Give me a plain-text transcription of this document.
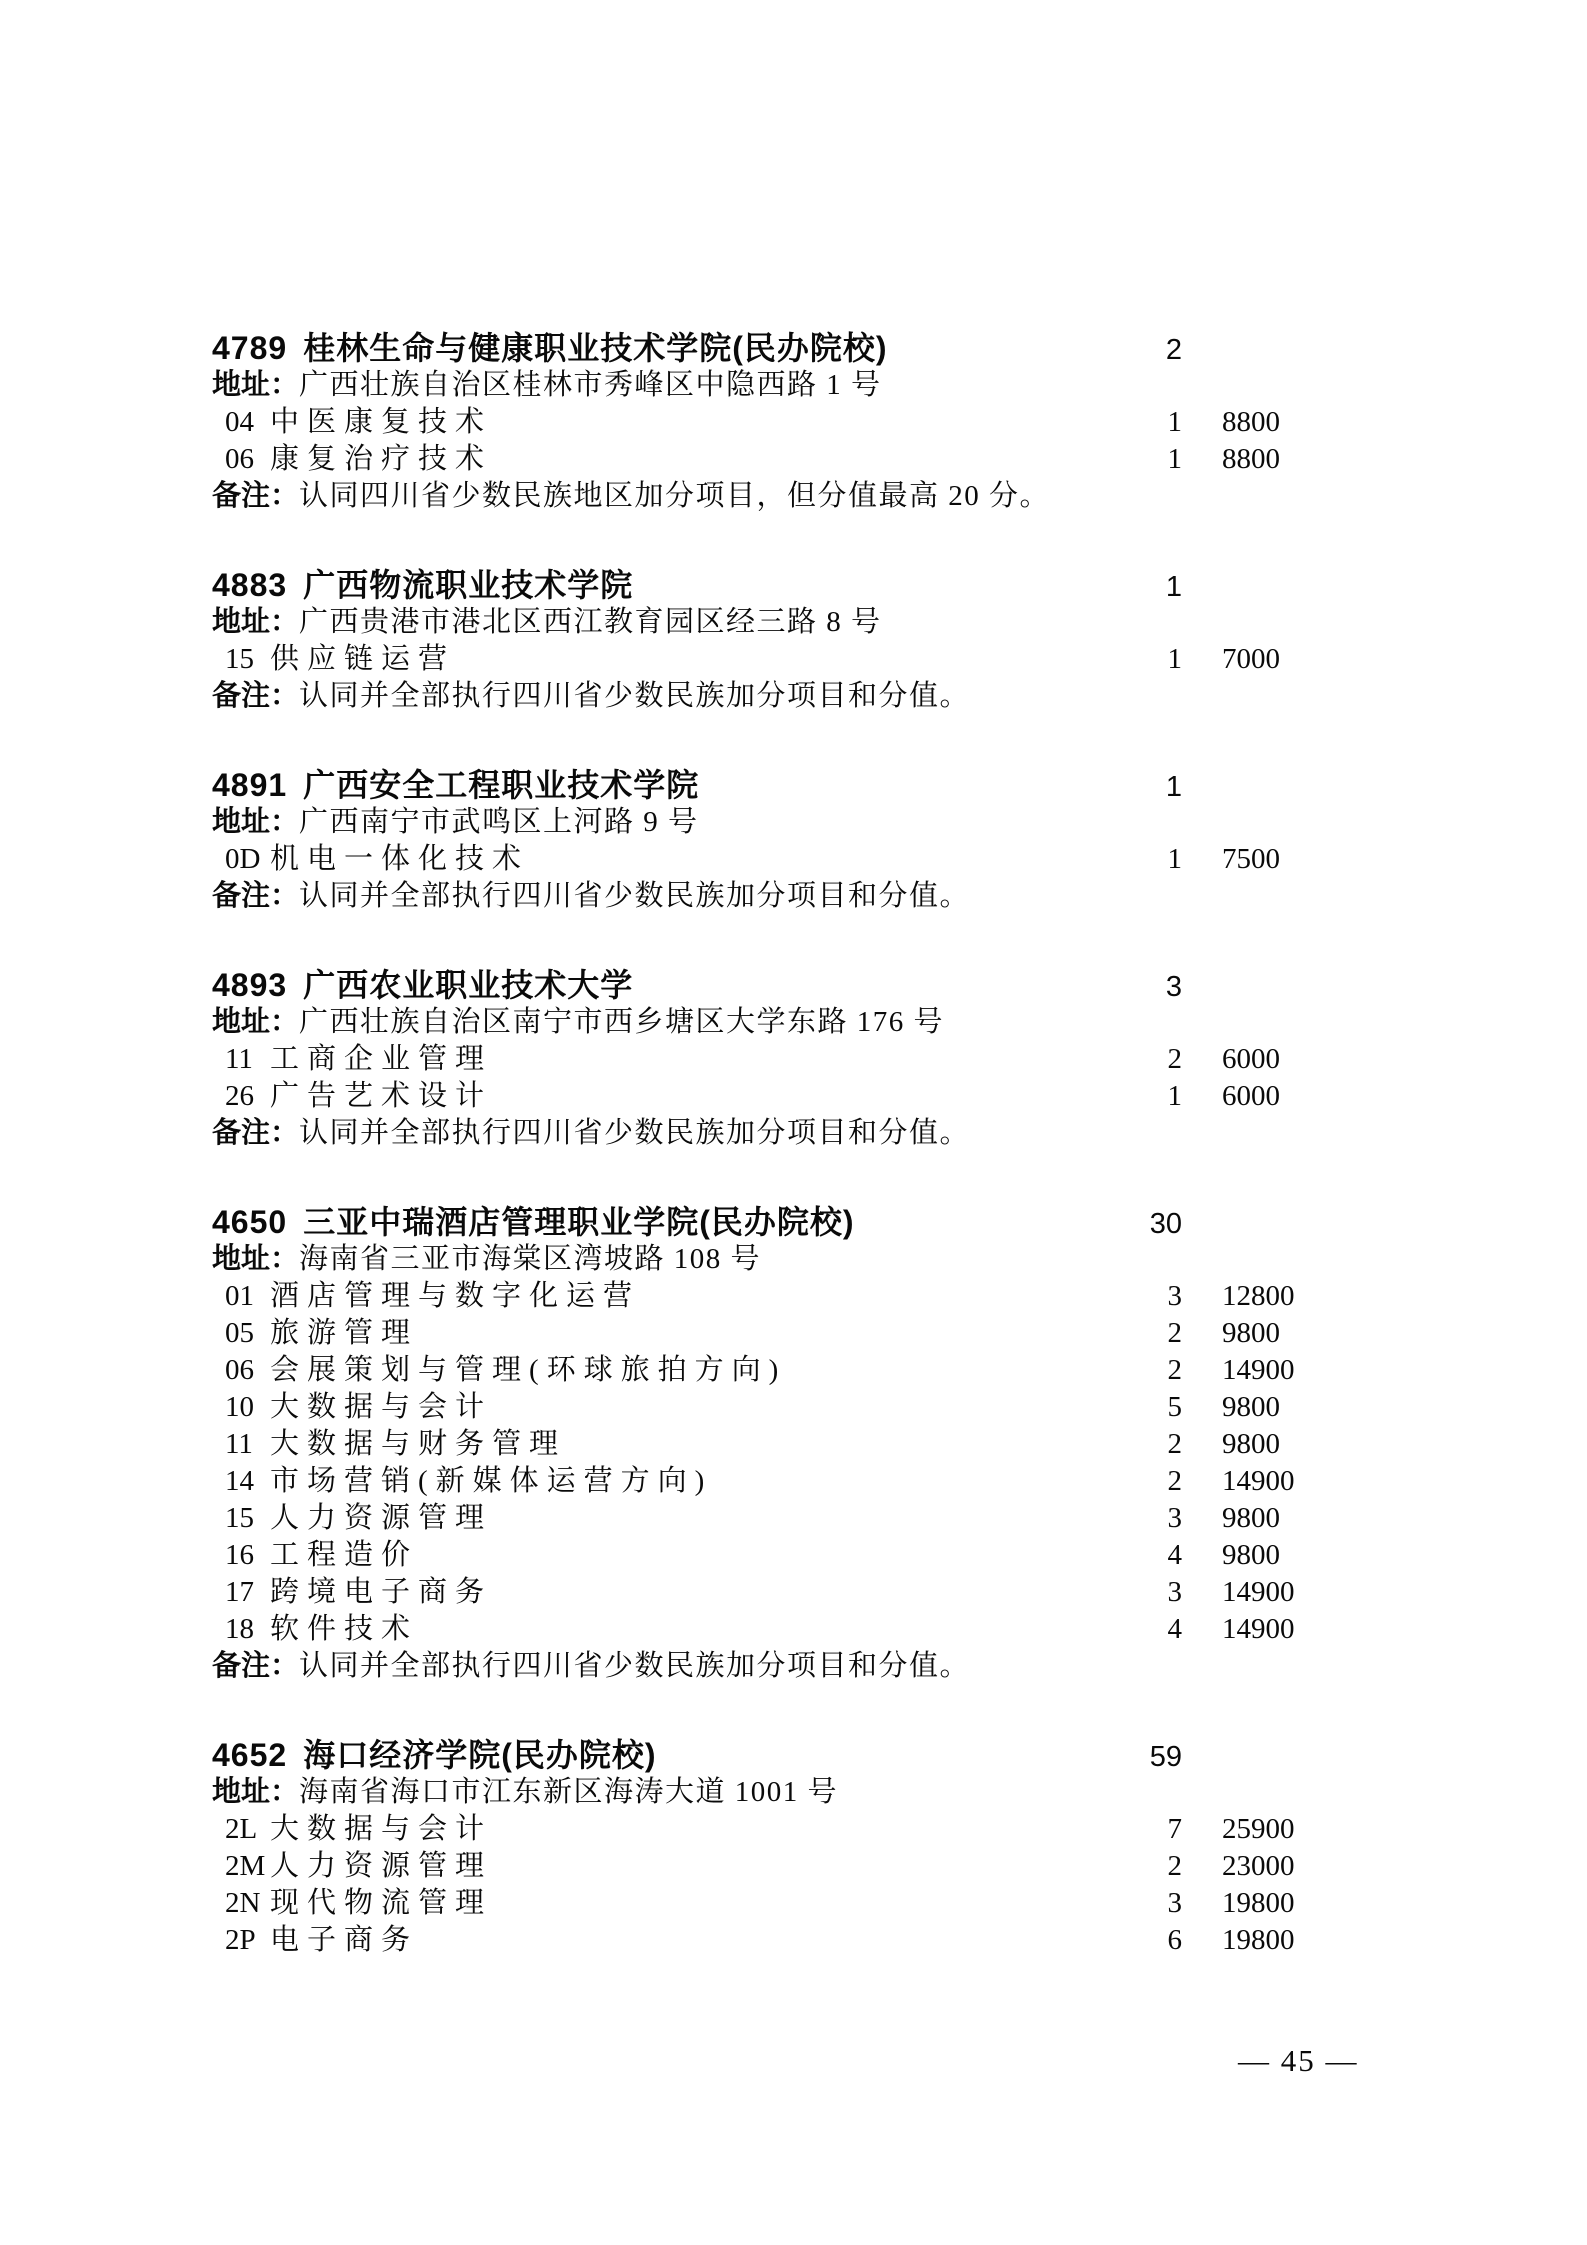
4789 桂林生命与健康职业技术学院(民办院校)	2
地址：广西壮族自治区桂林市秀峰区中隐西路 1 号
04 中医康复技术	1 8800
06 康复治疗技术	1 8800
备注：认同四川省少数民族地区加分项目，但分值最高 20 分。
4883 广西物流职业技术学院	1
地址：广西贵港市港北区西江教育园区经三路 8 号
15 供应链运营	1 7000
备注：认同并全部执行四川省少数民族加分项目和分值。
4891 广西安全工程职业技术学院	1
地址：广西南宁市武鸣区上河路 9 号
0D 机电一体化技术	1 7500
备注：认同并全部执行四川省少数民族加分项目和分值。
4893 广西农业职业技术大学	3
地址：广西壮族自治区南宁市西乡塘区大学东路 176 号
11 工商企业管理	2 6000
26 广告艺术设计	1 6000
备注：认同并全部执行四川省少数民族加分项目和分值。
4650 三亚中瑞酒店管理职业学院(民办院校)	30
地址：海南省三亚市海棠区湾坡路 108 号
01 酒店管理与数字化运营	3 12800
05 旅游管理	2 9800
06 会展策划与管理(环球旅拍方向)	2 14900
10 大数据与会计	5 9800
11 大数据与财务管理	2 9800
14 市场营销(新媒体运营方向)	2 14900
15 人力资源管理	3 9800
16 工程造价	4 9800
17 跨境电子商务	3 14900
18 软件技术	4 14900
备注：认同并全部执行四川省少数民族加分项目和分值。
4652 海口经济学院(民办院校)	59
地址：海南省海口市江东新区海涛大道 1001 号
2L 大数据与会计	7 25900
2M 人力资源管理	2 23000
2N 现代物流管理	3 19800
2P 电子商务	6 19800
— 45 —
